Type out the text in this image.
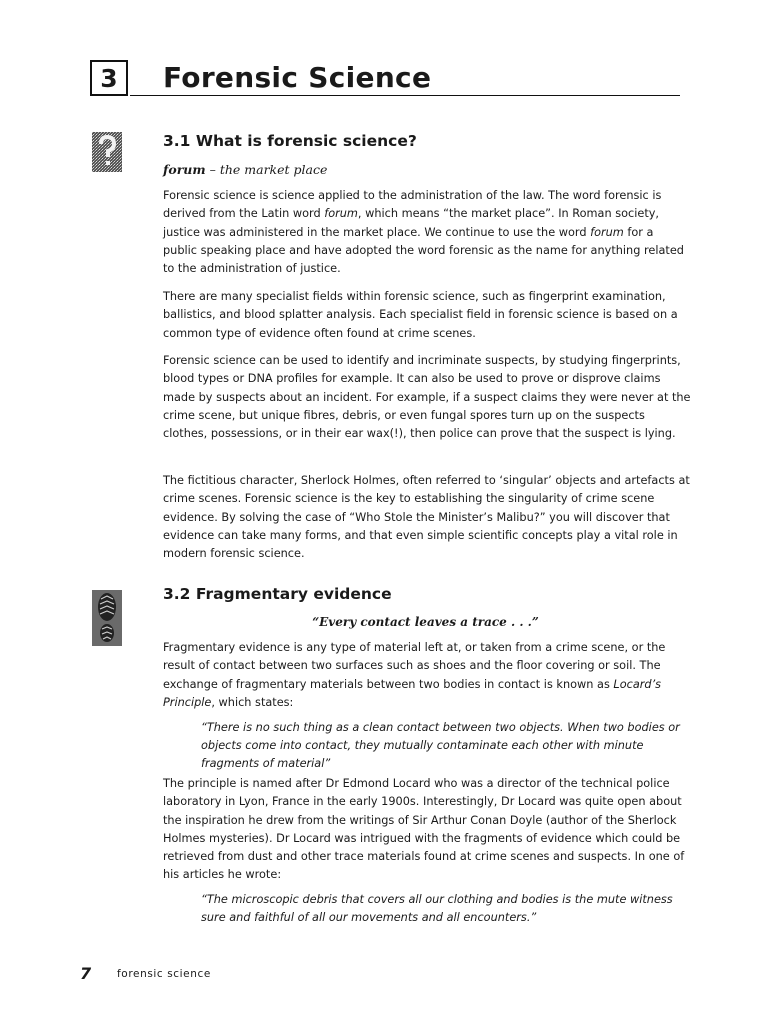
3 Forensic Science
3.1 What is forensic science?
forum – the market place

Forensic science is science applied to the administration of the law. The word forensic is derived from the Latin word forum, which means “the market place”. In Roman society, justice was administered in the market place. We continue to use the word forum for a public speaking place and have adopted the word forensic as the name for anything related to the administration of justice.

There are many specialist fields within forensic science, such as fingerprint examination, ballistics, and blood splatter analysis. Each specialist field in forensic science is based on a common type of evidence often found at crime scenes.

Forensic science can be used to identify and incriminate suspects, by studying fingerprints, blood types or DNA profiles for example. It can also be used to prove or disprove claims made by suspects about an incident. For example, if a suspect claims they were never at the crime scene, but unique fibres, debris, or even fungal spores turn up on the suspects clothes, possessions, or in their ear wax(!), then police can prove that the suspect is lying.

The fictitious character, Sherlock Holmes, often referred to ‘singular’ objects and artefacts at crime scenes. Forensic science is the key to establishing the singularity of crime scene evidence. By solving the case of “Who Stole the Minister’s Malibu?” you will discover that evidence can take many forms, and that even simple scientific concepts play a vital role in modern forensic science.

3.2 Fragmentary evidence
“Every contact leaves a trace . . .”

Fragmentary evidence is any type of material left at, or taken from a crime scene, or the result of contact between two surfaces such as shoes and the floor covering or soil. The exchange of fragmentary materials between two bodies in contact is known as Locard’s Principle, which states:

“There is no such thing as a clean contact between two objects. When two bodies or objects come into contact, they mutually contaminate each other with minute fragments of material”

The principle is named after Dr Edmond Locard who was a director of the technical police laboratory in Lyon, France in the early 1900s. Interestingly, Dr Locard was quite open about the inspiration he drew from the writings of Sir Arthur Conan Doyle (author of the Sherlock Holmes mysteries). Dr Locard was intrigued with the fragments of evidence which could be retrieved from dust and other trace materials found at crime scenes and suspects. In one of his articles he wrote:

“The microscopic debris that covers all our clothing and bodies is the mute witness sure and faithful of all our movements and all encounters.”
7 forensic science
